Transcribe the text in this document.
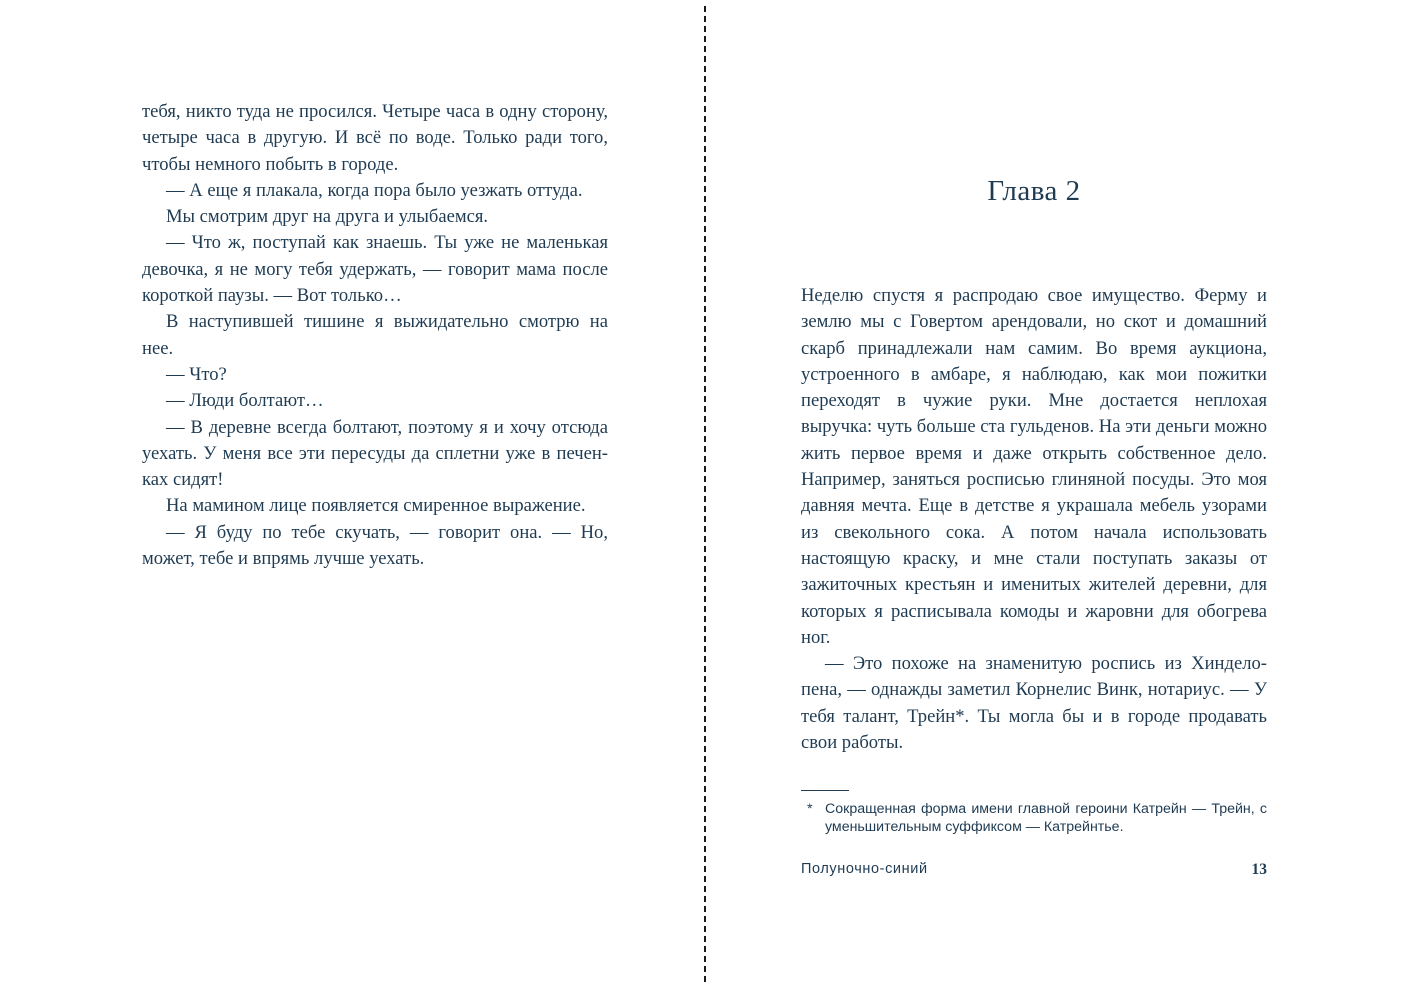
тебя, никто туда не просился. Четыре часа в одну сторону, четыре часа в другую. И всё по воде. Только ради того, чтобы немного побыть в городе.

— А еще я плакала, когда пора было уезжать оттуда.

Мы смотрим друг на друга и улыбаемся.

— Что ж, поступай как знаешь. Ты уже не маленькая девочка, я не могу тебя удержать, — говорит мама после короткой паузы. — Вот только…

В наступившей тишине я выжидательно смотрю на нее.

— Что?

— Люди болтают…

— В деревне всегда болтают, поэтому я и хочу отсюда уехать. У меня все эти пересуды да сплетни уже в печенках сидят!

На мамином лице появляется смиренное выражение.

— Я буду по тебе скучать, — говорит она. — Но, может, тебе и впрямь лучше уехать.

Глава 2

Неделю спустя я распродаю свое имущество. Ферму и землю мы с Говертом арендовали, но скот и домашний скарб принадлежали нам самим. Во время аукциона, устроенного в амбаре, я наблюдаю, как мои пожитки переходят в чужие руки. Мне достается неплохая выручка: чуть больше ста гульденов. На эти деньги можно жить первое время и даже открыть собственное дело. Например, заняться росписью глиняной посуды. Это моя давняя мечта. Еще в детстве я украшала мебель узорами из свекольного сока. А потом начала использовать настоящую краску, и мне стали поступать заказы от зажиточных крестьян и именитых жителей деревни, для которых я расписывала комоды и жаровни для обогрева ног.

— Это похоже на знаменитую роспись из Хинделопена, — однажды заметил Корнелис Винк, нотариус. — У тебя талант, Трейн*. Ты могла бы и в городе продавать свои работы.

* Сокращенная форма имени главной героини Катрейн — Трейн, с уменьшительным суффиксом — Катрейнтье.
Полуночно-синий	13
